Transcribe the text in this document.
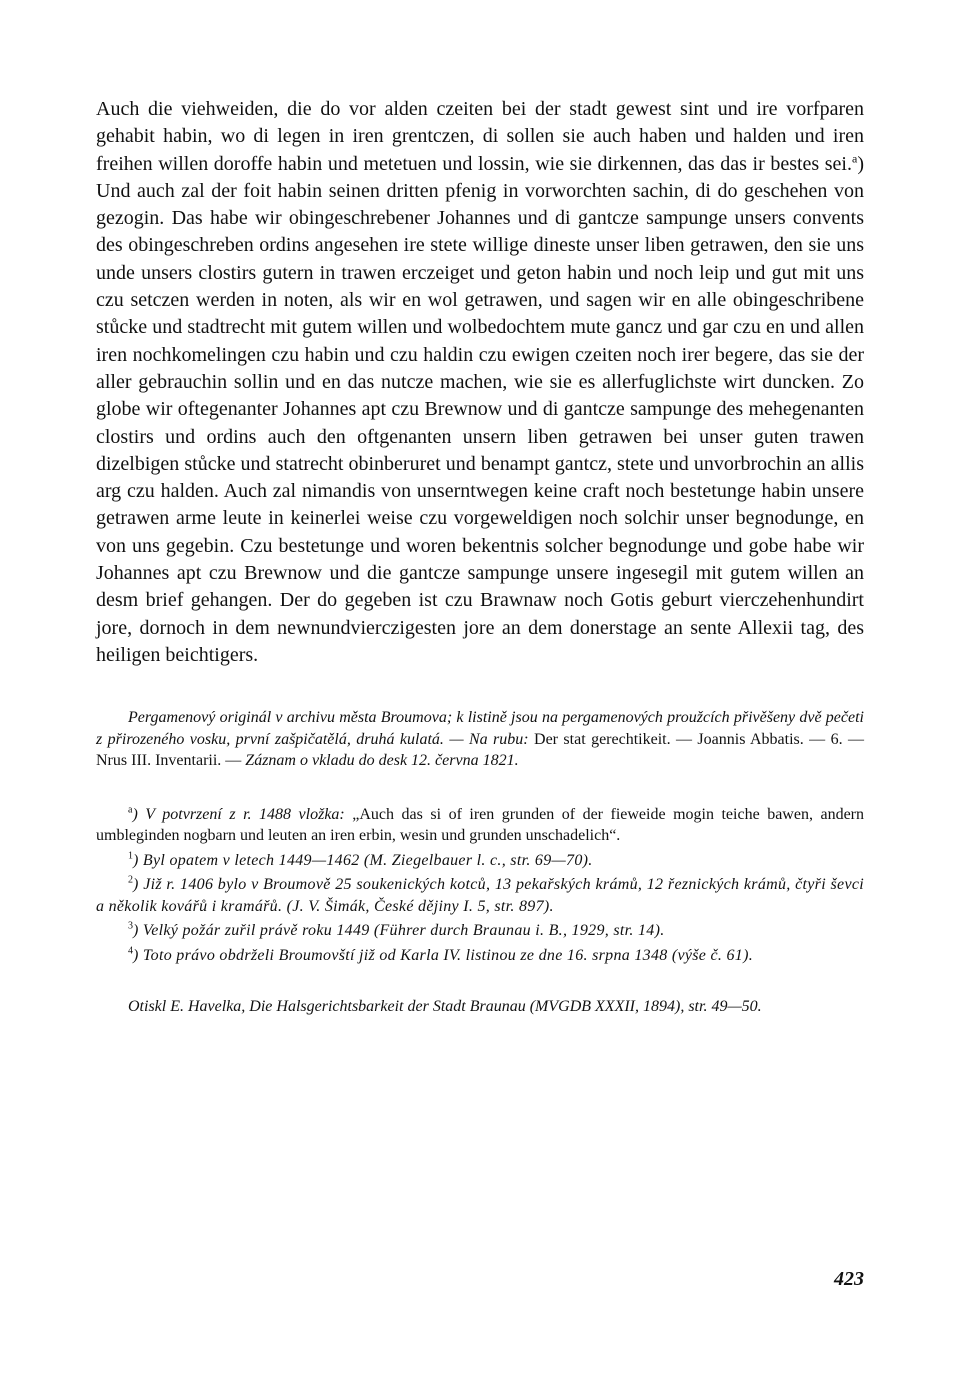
Auch die viehweiden, die do vor alden czeiten bei der stadt gewest sint und ire vorfparen gehabit habin, wo di legen in iren grentczen, di sollen sie auch haben und halden und iren freihen willen doroffe habin und metetuen und lossin, wie sie dirkennen, das das ir bestes sei.$^a$) Und auch zal der foit habin seinen dritten pfenig in vorworchten sachin, di do geschehen von gezogin. Das habe wir obingeschrebener Johannes und di gantcze sampunge unsers convents des obingeschreben ordins angesehen ire stete willige dineste unser liben getrawen, den sie uns unde unsers clostirs gutern in trawen erczeiget und geton habin und noch leip und gut mit uns czu setczen werden in noten, als wir en wol getrawen, und sagen wir en alle obingeschribene stůcke und stadtrecht mit gutem willen und wolbedochtem mute gancz und gar czu en und allen iren nochkomelingen czu habin und czu haldin czu ewigen czeiten noch irer begere, das sie der aller gebrauchin sollin und en das nutcze machen, wie sie es allerfuglichste wirt duncken. Zo globe wir oftegenanter Johannes apt czu Brewnow und di gantcze sampunge des mehegenanten clostirs und ordins auch den oftgenanten unsern liben getrawen bei unser guten trawen dizelbigen stůcke und statrecht obinberuret und benampt gantcz, stete und unvorbrochin an allis arg czu halden. Auch zal nimandis von unserntwegen keine craft noch bestetunge habin unsere getrawen arme leute in keinerlei weise czu vorgeweldigen noch solchir unser begnodunge, en von uns gegebin. Czu bestetunge und woren bekentnis solcher begnodunge und gobe habe wir Johannes apt czu Brewnow und die gantcze sampunge unsere ingesegil mit gutem willen an desm brief gehangen. Der do gegeben ist czu Brawnaw noch Gotis geburt vierczehenhundirt jore, dornoch in dem newnundvierczigesten jore an dem donerstage an sente Allexii tag, des heiligen beichtigers.

Pergamenový originál v archivu města Broumova; k listině jsou na pergamenových proužcích přivěšeny dvě pečeti z přirozeného vosku, první zašpičatělá, druhá kulatá. — Na rubu: Der stat gerechtikeit. — Joannis Abbatis. — 6. — Nrus III. Inventarii. — Záznam o vkladu do desk 12. června 1821.

$^a$) V potvrzení z r. 1488 vložka: „Auch das si of iren grunden of der fieweide mogin teiche bawen, andern umbleginden nogbarn und leuten an iren erbin, wesin und grunden unschadelich“.

$^1$) Byl opatem v letech 1449—1462 (M. Ziegelbauer l. c., str. 69—70).

$^2$) Již r. 1406 bylo v Broumově 25 soukenických kotců, 13 pekařských krámů, 12 řeznických krámů, čtyři ševci a několik kovářů i kramářů. (J. V. Šimák, České dějiny I. 5, str. 897).

$^3$) Velký požár zuřil právě roku 1449 (Führer durch Braunau i. B., 1929, str. 14).

$^4$) Toto právo obdrželi Broumovští již od Karla IV. listinou ze dne 16. srpna 1348 (výše č. 61).

Otiskl E. Havelka, Die Halsgerichtsbarkeit der Stadt Braunau (MVGDB XXXII, 1894), str. 49—50.

423
